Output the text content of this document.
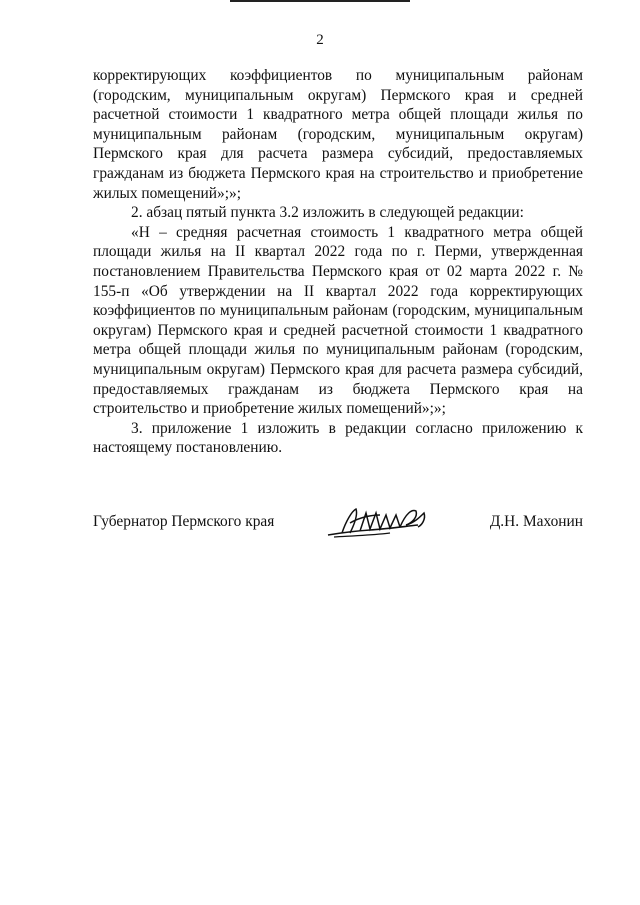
2

корректирующих коэффициентов по муниципальным районам (городским, муниципальным округам) Пермского края и средней расчетной стоимости 1 квадратного метра общей площади жилья по муниципальным районам (городским, муниципальным округам) Пермского края для расчета размера субсидий, предоставляемых гражданам из бюджета Пермского края на строительство и приобретение жилых помещений»;»;

2. абзац пятый пункта 3.2 изложить в следующей редакции:

«Н – средняя расчетная стоимость 1 квадратного метра общей площади жилья на II квартал 2022 года по г. Перми, утвержденная постановлением Правительства Пермского края от 02 марта 2022 г. № 155-п «Об утверждении на II квартал 2022 года корректирующих коэффициентов по муниципальным районам (городским, муниципальным округам) Пермского края и средней расчетной стоимости 1 квадратного метра общей площади жилья по муниципальным районам (городским, муниципальным округам) Пермского края для расчета размера субсидий, предоставляемых гражданам из бюджета Пермского края на строительство и приобретение жилых помещений»;»;

3. приложение 1 изложить в редакции согласно приложению к настоящему постановлению.

Губернатор Пермского края	Д.Н. Махонин
